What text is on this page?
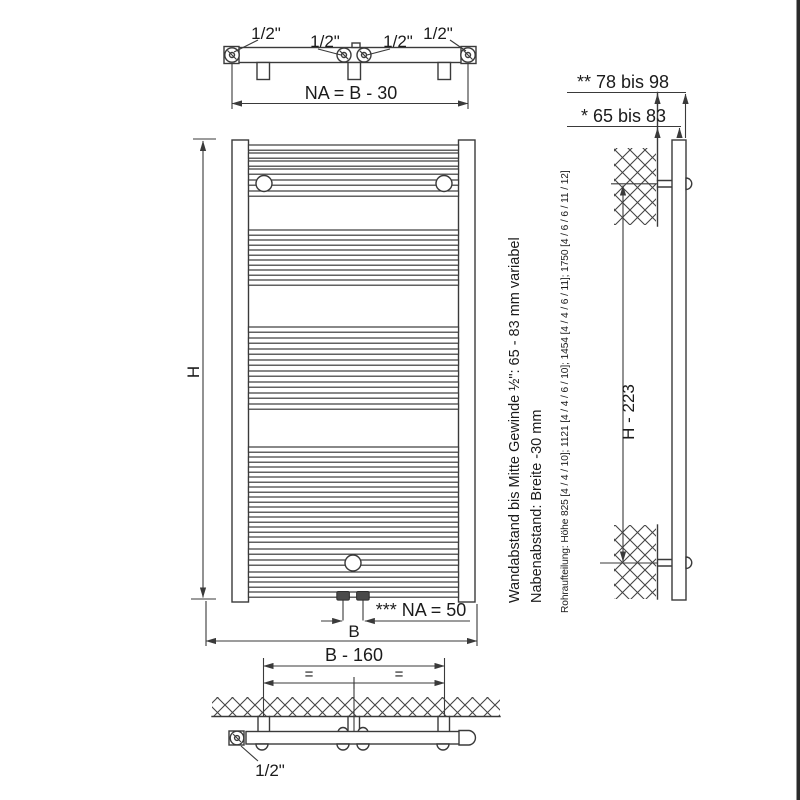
1/2" 1/2"	1/2" 1/2"
NA = B - 30
H
*** NA = 50
B
B - 160
=	=
1/2"
** 78 bis 98
* 65 bis 83
H - 223
Wandabstand bis Mitte Gewinde ½": 65 - 83 mm variabel Nabenabstand: Breite -30 mm Rohraufteilung: Höhe 825 [4 / 4 / 10]; 1121 [4 / 4 / 6 / 10]; 1454 [4 / 4 / 6 / 11]; 1750 [4 / 6 / 6 / 11 / 12]
